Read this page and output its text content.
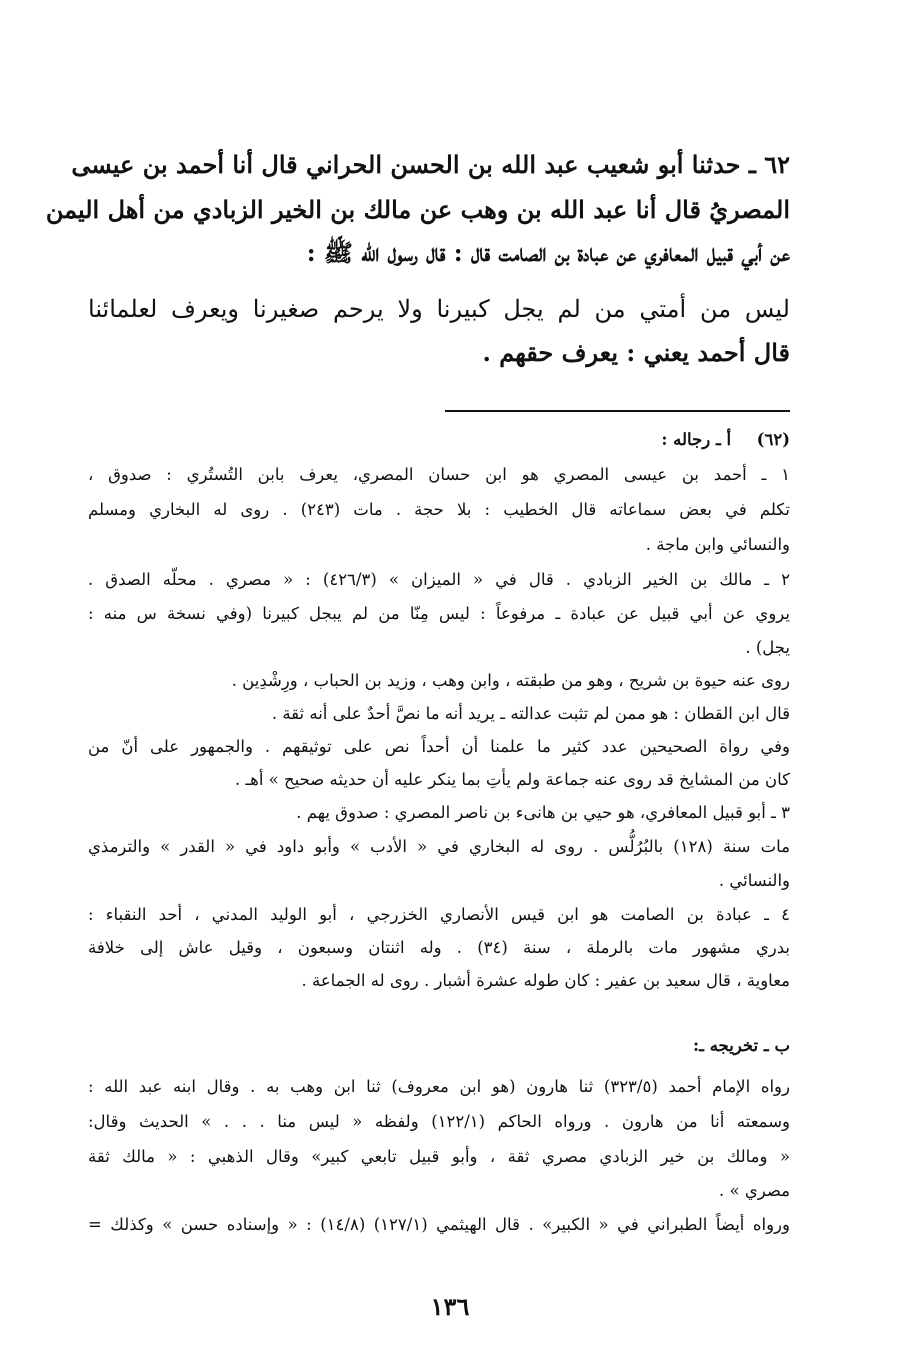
٦٢ ـ حدثنا أبو شعيب عبد الله بن الحسن الحراني قال أنا أحمد بن عيسى
المصريُ قال أنا عبد الله بن وهب عن مالك بن الخير الزبادي من أهل اليمن
عن أبي قبيل المعافري عن عبادة بن الصامت قال : قال رسول الله ﷺ :
ليس من أمتي من لم يجل كبيرنا ولا يرحم صغيرنا ويعرف لعلمائنا
قال أحمد يعني : يعرف حقهم .
(٦٢)  أ ـ رجاله :
١ ـ أحمد بن عيسى المصري هو ابن حسان المصري، يعرف بابن التُستُري : صدوق ،
تكلم في بعض سماعاته قال الخطيب : بلا حجة . مات (٢٤٣) . روى له البخاري ومسلم
والنسائي وابن ماجة .
٢ ـ مالك بن الخير الزبادي . قال في « الميزان » (٤٢٦/٣) : « مصري . محلّه الصدق .
يروي عن أبي قبيل عن عبادة ـ مرفوعاً : ليس مِنّا من لم يبجل كبيرنا (وفي نسخة س منه :
يجل) .
روى عنه حيوة بن شريح ، وهو من طبقته ، وابن وهب ، وزيد بن الحباب ، ورِشْدِين .
قال ابن القطان : هو ممن لم تثبت عدالته ـ يريد أنه ما نصَّ أحدٌ على أنه ثقة .
وفي رواة الصحيحين عدد كثير ما علمنا أن أحداً نص على توثيقهم . والجمهور على أنّ من
كان من المشايخ قد روى عنه جماعة ولم يأتِ بما ينكر عليه أن حديثه صحيح » أهـ .
٣ ـ أبو قبيل المعافري، هو حيي بن هانىء بن ناصر المصري : صدوق يهم .
مات سنة (١٢٨) بالبُرُلُّس . روى له البخاري في « الأدب » وأبو داود في « القدر » والترمذي
والنسائي .
٤ ـ عبادة بن الصامت هو ابن قيس الأنصاري الخزرجي ، أبو الوليد المدني ، أحد النقباء :
بدري مشهور مات بالرملة ، سنة (٣٤) . وله اثنتان وسبعون ، وقيل عاش إلى خلافة
معاوية ، قال سعيد بن عفير : كان طوله عشرة أشبار . روى له الجماعة .
ب ـ تخريجه ـ:
رواه الإمام أحمد (٣٢٣/٥) ثنا هارون (هو ابن معروف) ثنا ابن وهب به . وقال ابنه عبد الله :
وسمعته أنا من هارون . ورواه الحاكم (١٢٢/١) ولفظه « ليس منا . . . » الحديث وقال:
« ومالك بن خير الزبادي مصري ثقة ، وأبو قبيل تابعي كبير» وقال الذهبي : « مالك ثقة
مصري » .
ورواه أيضاً الطبراني في « الكبير» . قال الهيثمي (١٢٧/١) (١٤/٨) : « وإسناده حسن » وكذلك =
١٣٦
